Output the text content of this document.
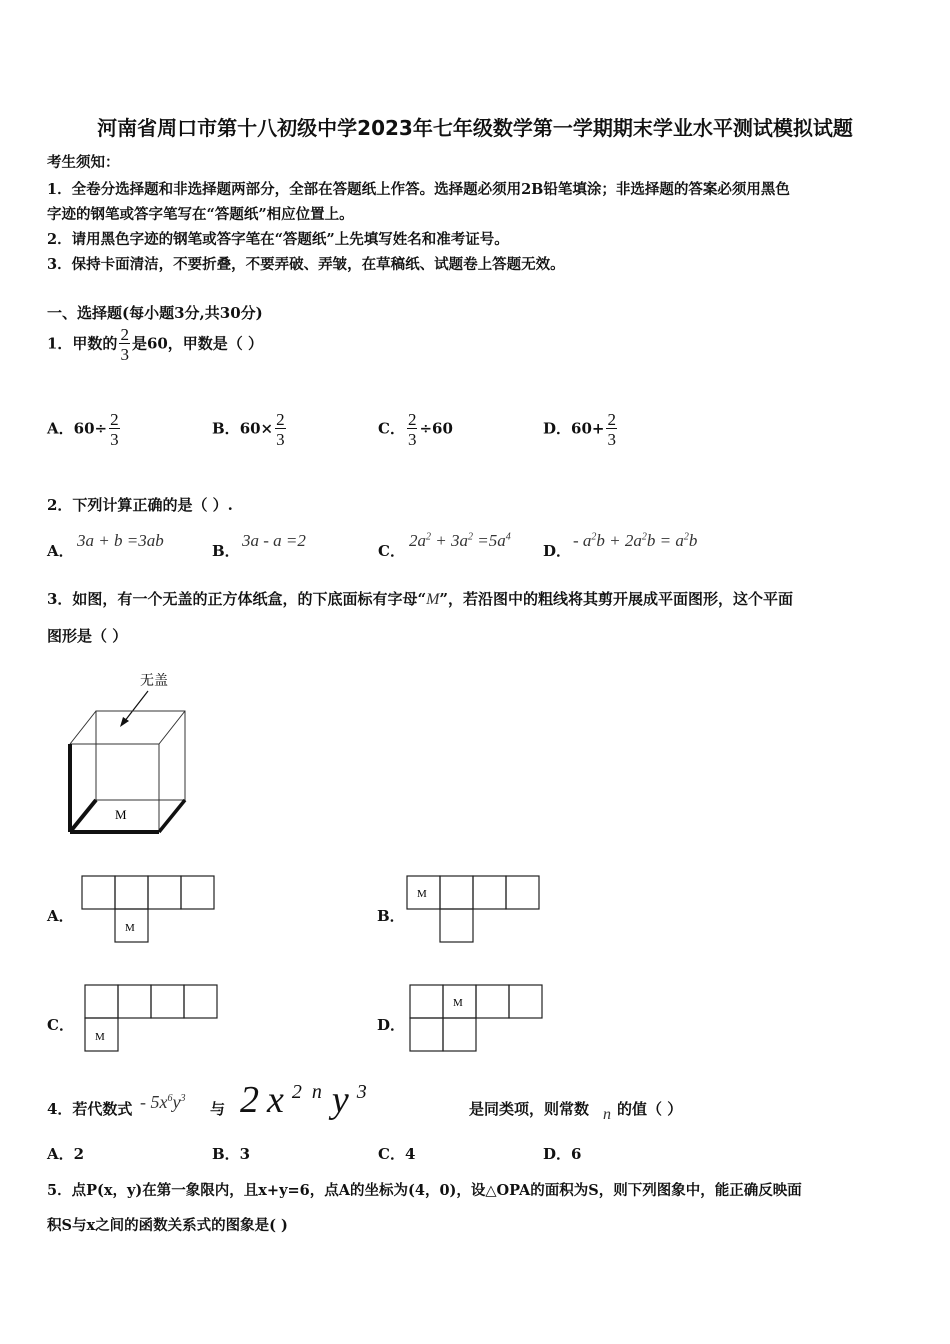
河南省周口市第十八初级中学2023年七年级数学第一学期期末学业水平测试模拟试题
考生须知：
1．全卷分选择题和非选择题两部分，全部在答题纸上作答。选择题必须用2B铅笔填涂；非选择题的答案必须用黑色
字迹的钢笔或答字笔写在“答题纸”相应位置上。
2．请用黑色字迹的钢笔或答字笔在“答题纸”上先填写姓名和准考证号。
3．保持卡面清洁，不要折叠，不要弄破、弄皱，在草稿纸、试题卷上答题无效。
一、选择题(每小题3分,共30分)
1．甲数的 $\frac{2}{3}$ 是60，甲数是（ ）
A．$60\div \frac{2}{3}$	B．$60\times \frac{2}{3}$	C． $\frac{2}{3} \div 60$	D．$60+ \frac{2}{3}$
2．下列计算正确的是（ ）.
A．
3a + b =3ab
B．
3a - a =2
C．
$2a^2 + 3a^2 =5a^4$
D．
- $a^2b + 2a^2b = a^2b$
3．如图，有一个无盖的正方体纸盒，的下底面标有字母“M”，若沿图中的粗线将其剪开展成平面图形，这个平面
图形是（ ）
无盖
M
A．
M
B．
M
C．
M
D．
M
4．若代数式 - $5x^6y^3$
与 $2x^{2n}y^3$
是同类项，则常数 n 的值（ ）
A．2	B．3	C．4	D．6
5．点P(x，y)在第一象限内，且x+y=6，点A的坐标为(4，0)，设△OPA的面积为S，则下列图象中，能正确反映面
积S与x之间的函数关系式的图象是( )
